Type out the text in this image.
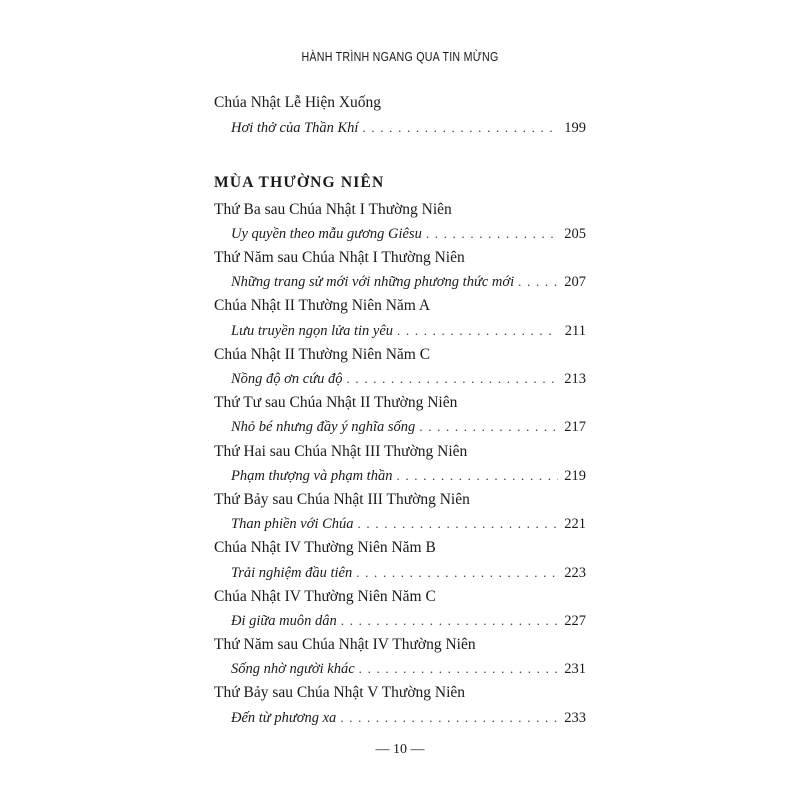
HÀNH TRÌNH NGANG QUA TIN MỪNG
Chúa Nhật Lễ Hiện Xuống
Hơi thở của Thần Khí . . .	199
MÙA THƯỜNG NIÊN
Thứ Ba sau Chúa Nhật I Thường Niên
Uy quyền theo mẫu gương Giêsu . . .	205
Thứ Năm sau Chúa Nhật I Thường Niên
Những trang sử mới với những phương thức mới . . .	207
Chúa Nhật II Thường Niên Năm A
Lưu truyền ngọn lửa tin yêu . . .	211
Chúa Nhật II Thường Niên Năm C
Nồng độ ơn cứu độ . . .	213
Thứ Tư sau Chúa Nhật II Thường Niên
Nhỏ bé nhưng đầy ý nghĩa sống . . .	217
Thứ Hai sau Chúa Nhật III Thường Niên
Phạm thượng và phạm thần . . .	219
Thứ Bảy sau Chúa Nhật III Thường Niên
Than phiền với Chúa . . .	221
Chúa Nhật IV Thường Niên Năm B
Trải nghiệm đầu tiên . . .	223
Chúa Nhật IV Thường Niên Năm C
Đi giữa muôn dân . . .	227
Thứ Năm sau Chúa Nhật IV Thường Niên
Sống nhờ người khác . . .	231
Thứ Bảy sau Chúa Nhật V Thường Niên
Đến từ phương xa . . .	233
— 10 —
